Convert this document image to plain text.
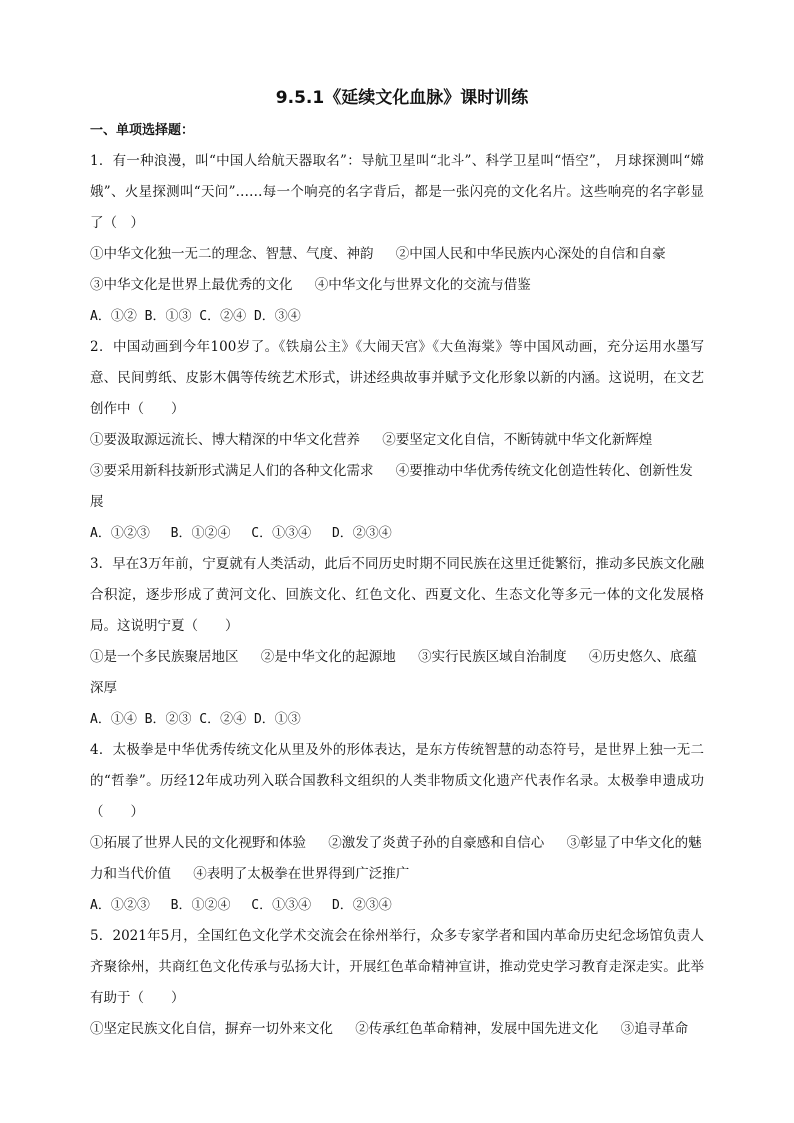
9.5.1《延续文化血脉》课时训练
一、单项选择题：

1．有一种浪漫，叫“中国人给航天器取名”：导航卫星叫“北斗”、科学卫星叫“悟空”， 月球探测叫“嫦娥”、火星探测叫“天问”……每一个响亮的名字背后，都是一张闪亮的文化名片。这些响亮的名字彰显了（　）

①中华文化独一无二的理念、智慧、气度、神韵 ②中国人民和中华民族内心深处的自信和自豪

③中华文化是世界上最优秀的文化 ④中华文化与世界文化的交流与借鉴

A．①② B．①③ C．②④ D．③④

2．中国动画到今年100岁了。《铁扇公主》《大闹天宫》《大鱼海棠》等中国风动画，充分运用水墨写意、民间剪纸、皮影木偶等传统艺术形式，讲述经典故事并赋予文化形象以新的内涵。这说明，在文艺创作中（　　）

①要汲取源远流长、博大精深的中华文化营养 ②要坚定文化自信，不断铸就中华文化新辉煌

③要采用新科技新形式满足人们的各种文化需求 ④要推动中华优秀传统文化创造性转化、创新性发展

A．①②③　 B．①②④　 C．①③④　 D．②③④

3．早在3万年前，宁夏就有人类活动，此后不同历史时期不同民族在这里迁徙繁衍，推动多民族文化融合积淀，逐步形成了黄河文化、回族文化、红色文化、西夏文化、生态文化等多元一体的文化发展格局。这说明宁夏（　　）

①是一个多民族聚居地区 ②是中华文化的起源地 ③实行民族区域自治制度 ④历史悠久、底蕴深厚

A．①④ B．②③ C．②④ D．①③

4．太极拳是中华优秀传统文化从里及外的形体表达，是东方传统智慧的动态符号，是世界上独一无二的“哲拳”。历经12年成功列入联合国教科文组织的人类非物质文化遗产代表作名录。太极拳申遗成功（　　）

①拓展了世界人民的文化视野和体验 ②激发了炎黄子孙的自豪感和自信心 ③彰显了中华文化的魅力和当代价值 ④表明了太极拳在世界得到广泛推广

A．①②③　 B．①②④　 C．①③④　 D．②③④

5．2021年5月，全国红色文化学术交流会在徐州举行，众多专家学者和国内革命历史纪念场馆负责人齐聚徐州，共商红色文化传承与弘扬大计，开展红色革命精神宣讲，推动党史学习教育走深走实。此举有助于（　　）

①坚定民族文化自信，摒弃一切外来文化 ②传承红色革命精神，发展中国先进文化 ③追寻革命
